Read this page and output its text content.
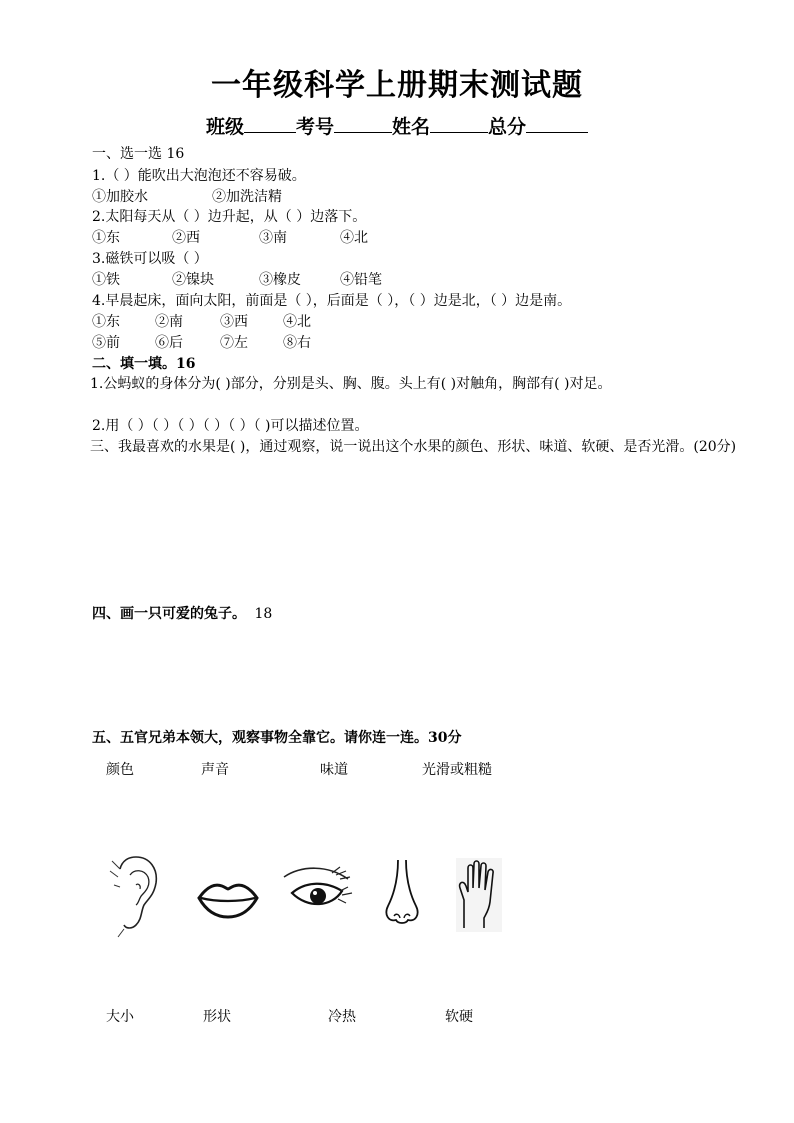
一年级科学上册期末测试题
班级	考号	姓名	总分
一、选一选 16
1.（ ）能吹出大泡泡还不容易破。
①加胶水	②加洗洁精
2.太阳每天从（ ）边升起，从（ ）边落下。
①东	②西	③南	④北
3.磁铁可以吸（ ）
①铁	②镍块	③橡皮	④铅笔
4.早晨起床，面向太阳，前面是（ ），后面是（ ），（ ）边是北，（ ）边是南。
①东	②南	③西	④北
⑤前	⑥后	⑦左	⑧右
二、填一填。16
1.公蚂蚁的身体分为( )部分，分别是头、胸、腹。头上有( )对触角，胸部有( )对足。
2.用（ ）（ ）（ ）（ ）（ ）（ )可以描述位置。
三、我最喜欢的水果是( )，通过观察，说一说出这个水果的颜色、形状、味道、软硬、是否光滑。(20分)
四、画一只可爱的兔子。 18
五、五官兄弟本领大，观察事物全靠它。请你连一连。30分
颜色	声音	味道	光滑或粗糙
大小	形状	冷热	软硬
